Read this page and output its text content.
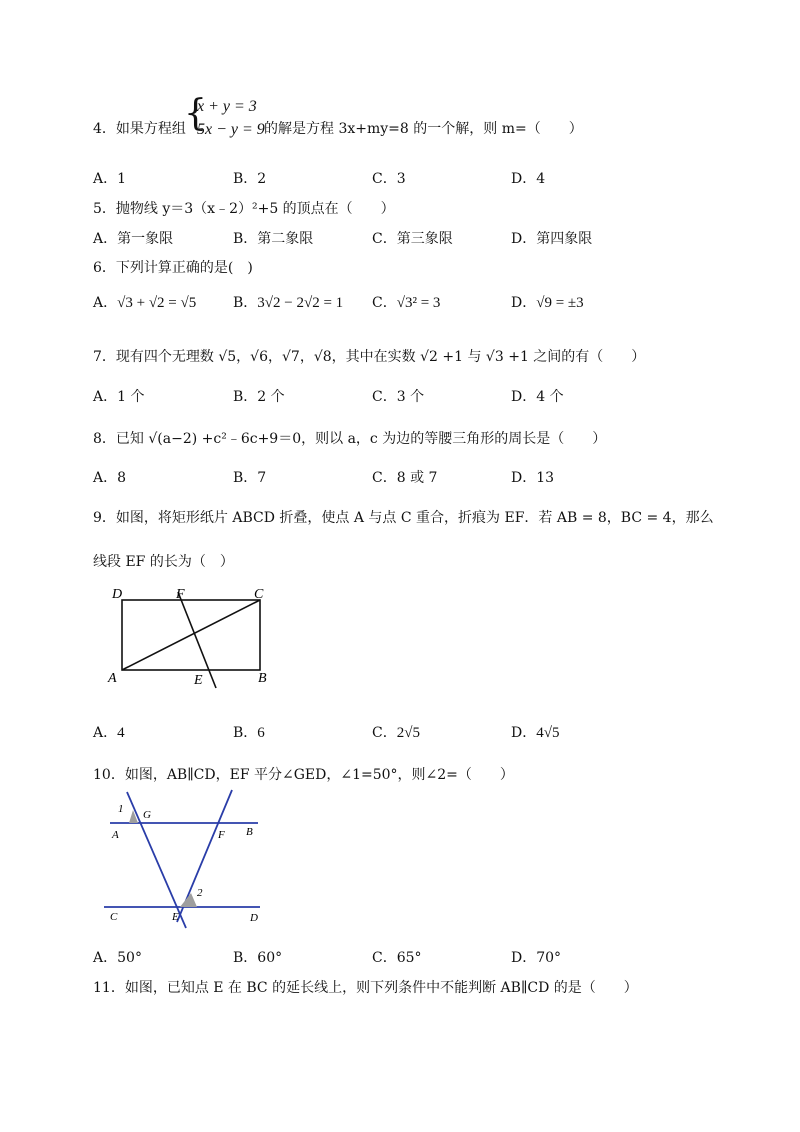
{
4．如果方程组
x + y = 3
5x − y = 9 的解是方程 3x+my=8 的一个解，则 m=（　　）
A．1	B．2	C．3	D．4
5．抛物线 y＝3（x﹣2）²+5 的顶点在（　　）
A．第一象限	B．第二象限	C．第三象限	D．第四象限
6．下列计算正确的是(　)
A．√3 + √2 = √5	B．3√2 − 2√2 = 1 C．√3² = 3	D．√9 = ±3
7．现有四个无理数 √5，√6，√7，√8，其中在实数 √2 +1 与 √3 +1 之间的有（　　）
A．1 个	B．2 个	C．3 个	D．4 个
8．已知 √(a−2) +c²﹣6c+9＝0，则以 a，c 为边的等腰三角形的周长是（　　）
A．8	B．7	C．8 或 7	D．13
9．如图，将矩形纸片 ABCD 折叠，使点 A 与点 C 重合，折痕为 EF．若 AB = 8，BC = 4，那么
线段 EF 的长为（　）
D	F	C
A	E	B
A．4	B．6	C．2√5	D．4√5
10．如图，AB∥CD，EF 平分∠GED，∠1=50°，则∠2=（　　）
1 G
A	F B
2
C	E	D
A．50°	B．60°	C．65°	D．70°
11．如图，已知点 E 在 BC 的延长线上，则下列条件中不能判断 AB∥CD 的是（　　）
